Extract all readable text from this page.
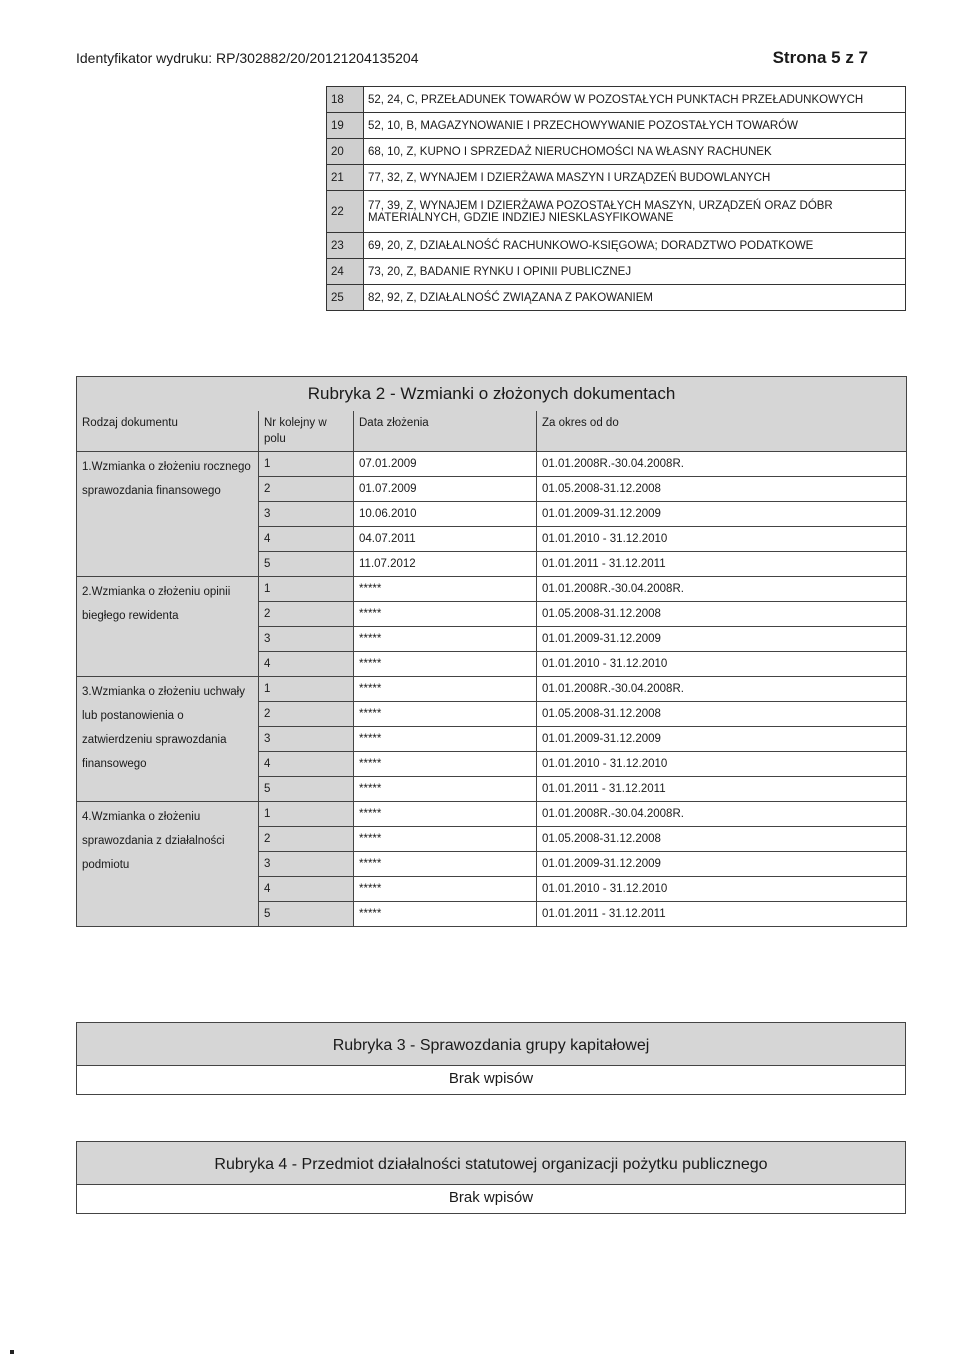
Identyfikator wydruku: RP/302882/20/20121204135204	Strona 5 z 7
18	52, 24, C, PRZEŁADUNEK TOWARÓW W POZOSTAŁYCH PUNKTACH PRZEŁADUNKOWYCH
19	52, 10, B, MAGAZYNOWANIE I PRZECHOWYWANIE POZOSTAŁYCH TOWARÓW
20	68, 10, Z, KUPNO I SPRZEDAŻ NIERUCHOMOŚCI NA WŁASNY RACHUNEK
21	77, 32, Z, WYNAJEM I DZIERŻAWA MASZYN I URZĄDZEŃ BUDOWLANYCH
22	77, 39, Z, WYNAJEM I DZIERŻAWA POZOSTAŁYCH MASZYN, URZĄDZEŃ ORAZ DÓBR MATERIALNYCH, GDZIE INDZIEJ NIESKLASYFIKOWANE
23	69, 20, Z, DZIAŁALNOŚĆ RACHUNKOWO-KSIĘGOWA; DORADZTWO PODATKOWE
24	73, 20, Z, BADANIE RYNKU I OPINII PUBLICZNEJ
25	82, 92, Z, DZIAŁALNOŚĆ ZWIĄZANA Z PAKOWANIEM
Rubryka 2 - Wzmianki o złożonych dokumentach			
Rodzaj dokumentu	Nr kolejny w polu	Data złożenia	Za okres od do
1.Wzmianka o złożeniu rocznego sprawozdania finansowego	1	07.01.2009	01.01.2008R.-30.04.2008R.
	2	01.07.2009	01.05.2008-31.12.2008
	3	10.06.2010	01.01.2009-31.12.2009
	4	04.07.2011	01.01.2010 - 31.12.2010
	5	11.07.2012	01.01.2011 - 31.12.2011
2.Wzmianka o złożeniu opinii biegłego rewidenta	1	*****	01.01.2008R.-30.04.2008R.
	2	*****	01.05.2008-31.12.2008
	3	*****	01.01.2009-31.12.2009
	4	*****	01.01.2010 - 31.12.2010
3.Wzmianka o złożeniu uchwały lub postanowienia o zatwierdzeniu sprawozdania finansowego	1	*****	01.01.2008R.-30.04.2008R.
	2	*****	01.05.2008-31.12.2008
	3	*****	01.01.2009-31.12.2009
	4	*****	01.01.2010 - 31.12.2010
	5	*****	01.01.2011 - 31.12.2011
4.Wzmianka o złożeniu sprawozdania z działalności podmiotu	1	*****	01.01.2008R.-30.04.2008R.
	2	*****	01.05.2008-31.12.2008
	3	*****	01.01.2009-31.12.2009
	4	*****	01.01.2010 - 31.12.2010
	5	*****	01.01.2011 - 31.12.2011
Rubryka 3 - Sprawozdania grupy kapitałowej
Brak wpisów
Rubryka 4 - Przedmiot działalności statutowej organizacji pożytku publicznego
Brak wpisów
